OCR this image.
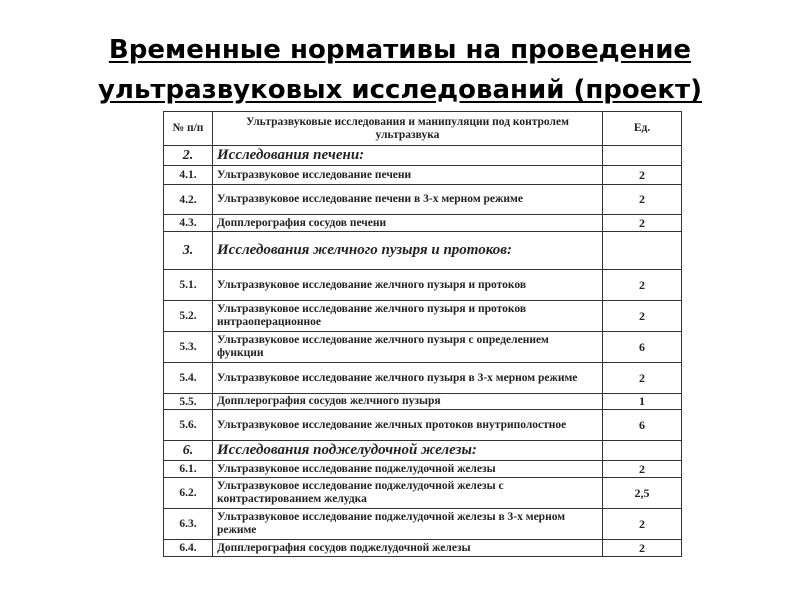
Временные нормативы на проведение
ультразвуковых исследований (проект)
№ п/п	Ультразвуковые исследования и манипуляции под контролем ультразвука	Ед.
2.	Исследования печени:	
4.1.	Ультразвуковое исследование печени	2
4.2.	Ультразвуковое исследование печени в 3-х мерном режиме	2
4.3.	Допплерография сосудов печени	2
3.	Исследования желчного пузыря и протоков:	
5.1.	Ультразвуковое исследование желчного пузыря и протоков	2
5.2.	Ультразвуковое исследование желчного пузыря и протоков интраоперационное	2
5.3.	Ультразвуковое исследование желчного пузыря с определением функции	6
5.4.	Ультразвуковое исследование желчного пузыря в 3-х мерном режиме	2
5.5.	Допплерография сосудов желчного пузыря	1
5.6.	Ультразвуковое исследование желчных протоков внутриполостное	6
6.	Исследования поджелудочной железы:	
6.1.	Ультразвуковое исследование поджелудочной железы	2
6.2.	Ультразвуковое исследование поджелудочной железы с контрастированием желудка	2,5
6.3.	Ультразвуковое исследование поджелудочной железы в 3-х мерном режиме	2
6.4.	Допплерография сосудов поджелудочной железы	2
